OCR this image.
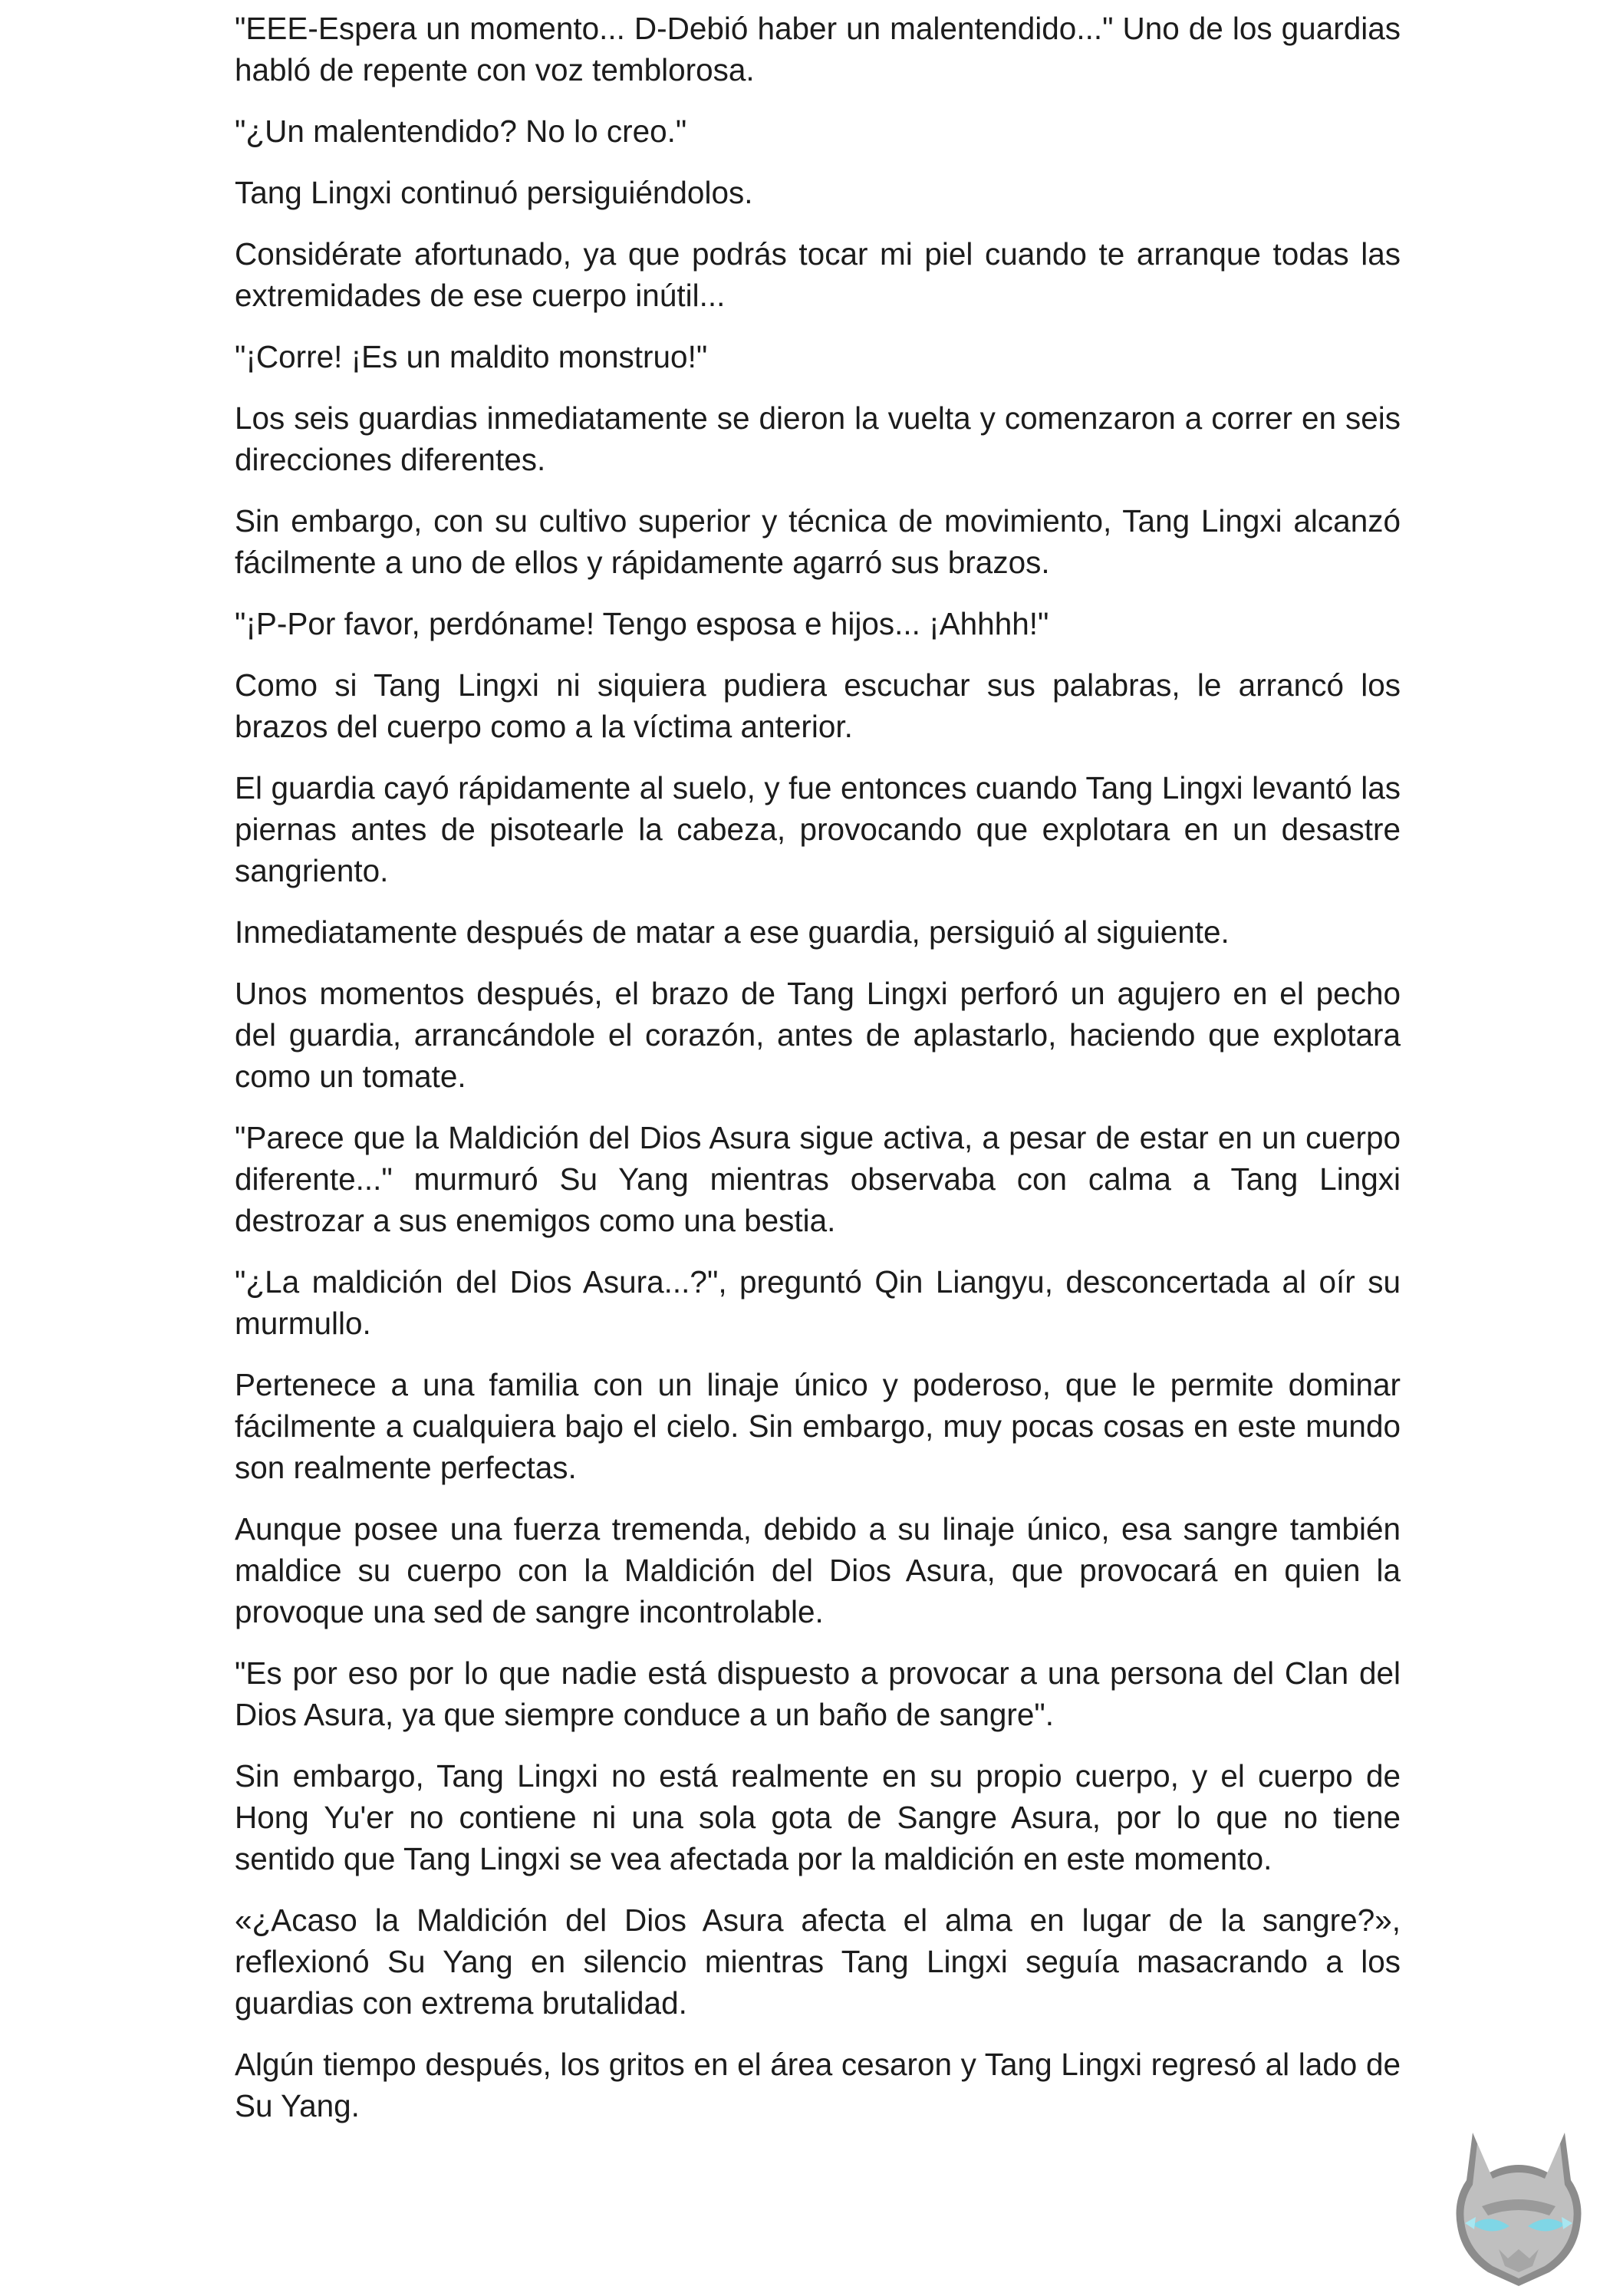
"EEE-Espera un momento... D-Debió haber un malentendido..." Uno de los guardias habló de repente con voz temblorosa.

"¿Un malentendido? No lo creo."

Tang Lingxi continuó persiguiéndolos.

Considérate afortunado, ya que podrás tocar mi piel cuando te arranque todas las extremidades de ese cuerpo inútil...

"¡Corre! ¡Es un maldito monstruo!"

Los seis guardias inmediatamente se dieron la vuelta y comenzaron a correr en seis direcciones diferentes.

Sin embargo, con su cultivo superior y técnica de movimiento, Tang Lingxi alcanzó fácilmente a uno de ellos y rápidamente agarró sus brazos.

"¡P-Por favor, perdóname! Tengo esposa e hijos... ¡Ahhhh!"

Como si Tang Lingxi ni siquiera pudiera escuchar sus palabras, le arrancó los brazos del cuerpo como a la víctima anterior.

El guardia cayó rápidamente al suelo, y fue entonces cuando Tang Lingxi levantó las piernas antes de pisotearle la cabeza, provocando que explotara en un desastre sangriento.

Inmediatamente después de matar a ese guardia, persiguió al siguiente.

Unos momentos después, el brazo de Tang Lingxi perforó un agujero en el pecho del guardia, arrancándole el corazón, antes de aplastarlo, haciendo que explotara como un tomate.

"Parece que la Maldición del Dios Asura sigue activa, a pesar de estar en un cuerpo diferente..." murmuró Su Yang mientras observaba con calma a Tang Lingxi destrozar a sus enemigos como una bestia.

"¿La maldición del Dios Asura...?", preguntó Qin Liangyu, desconcertada al oír su murmullo.

Pertenece a una familia con un linaje único y poderoso, que le permite dominar fácilmente a cualquiera bajo el cielo. Sin embargo, muy pocas cosas en este mundo son realmente perfectas.

Aunque posee una fuerza tremenda, debido a su linaje único, esa sangre también maldice su cuerpo con la Maldición del Dios Asura, que provocará en quien la provoque una sed de sangre incontrolable.

"Es por eso por lo que nadie está dispuesto a provocar a una persona del Clan del Dios Asura, ya que siempre conduce a un baño de sangre".

Sin embargo, Tang Lingxi no está realmente en su propio cuerpo, y el cuerpo de Hong Yu'er no contiene ni una sola gota de Sangre Asura, por lo que no tiene sentido que Tang Lingxi se vea afectada por la maldición en este momento.

«¿Acaso la Maldición del Dios Asura afecta el alma en lugar de la sangre?», reflexionó Su Yang en silencio mientras Tang Lingxi seguía masacrando a los guardias con extrema brutalidad.

Algún tiempo después, los gritos en el área cesaron y Tang Lingxi regresó al lado de Su Yang.
